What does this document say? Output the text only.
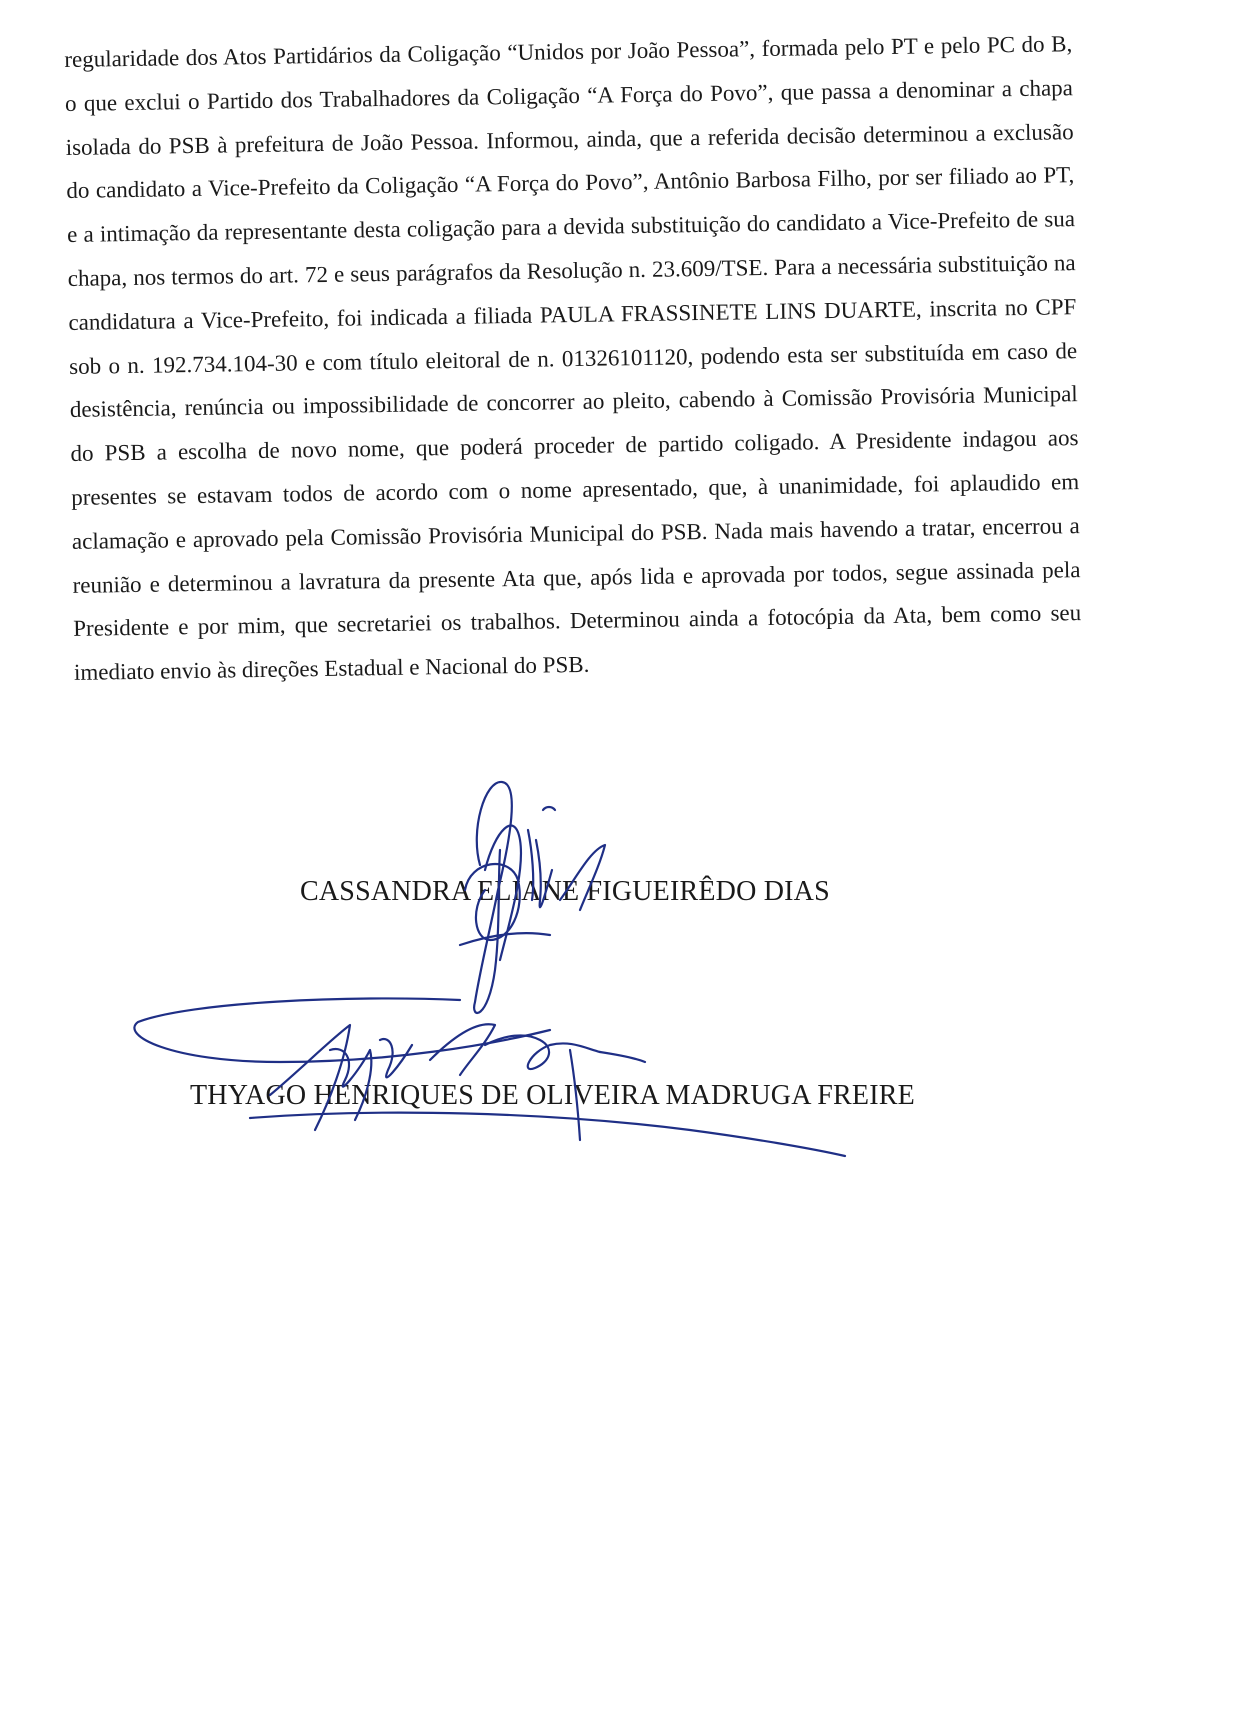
regularidade dos Atos Partidários da Coligação “Unidos por João Pessoa”, formada pelo PT e pelo PC do B, o que exclui o Partido dos Trabalhadores da Coligação “A Força do Povo”, que passa a denominar a chapa isolada do PSB à prefeitura de João Pessoa. Informou, ainda, que a referida decisão determinou a exclusão do candidato a Vice-Prefeito da Coligação “A Força do Povo”, Antônio Barbosa Filho, por ser filiado ao PT, e a intimação da representante desta coligação para a devida substituição do candidato a Vice-Prefeito de sua chapa, nos termos do art. 72 e seus parágrafos da Resolução n. 23.609/TSE. Para a necessária substituição na candidatura a Vice-Prefeito, foi indicada a filiada PAULA FRASSINETE LINS DUARTE, inscrita no CPF sob o n. 192.734.104-30 e com título eleitoral de n. 01326101120, podendo esta ser substituída em caso de desistência, renúncia ou impossibilidade de concorrer ao pleito, cabendo à Comissão Provisória Municipal do PSB a escolha de novo nome, que poderá proceder de partido coligado. A Presidente indagou aos presentes se estavam todos de acordo com o nome apresentado, que, à unanimidade, foi aplaudido em aclamação e aprovado pela Comissão Provisória Municipal do PSB. Nada mais havendo a tratar, encerrou a reunião e determinou a lavratura da presente Ata que, após lida e aprovada por todos, segue assinada pela Presidente e por mim, que secretariei os trabalhos. Determinou ainda a fotocópia da Ata, bem como seu imediato envio às direções Estadual e Nacional do PSB.

CASSANDRA ELIANE FIGUEIRÊDO DIAS
THYAGO HENRIQUES DE OLIVEIRA MADRUGA FREIRE
